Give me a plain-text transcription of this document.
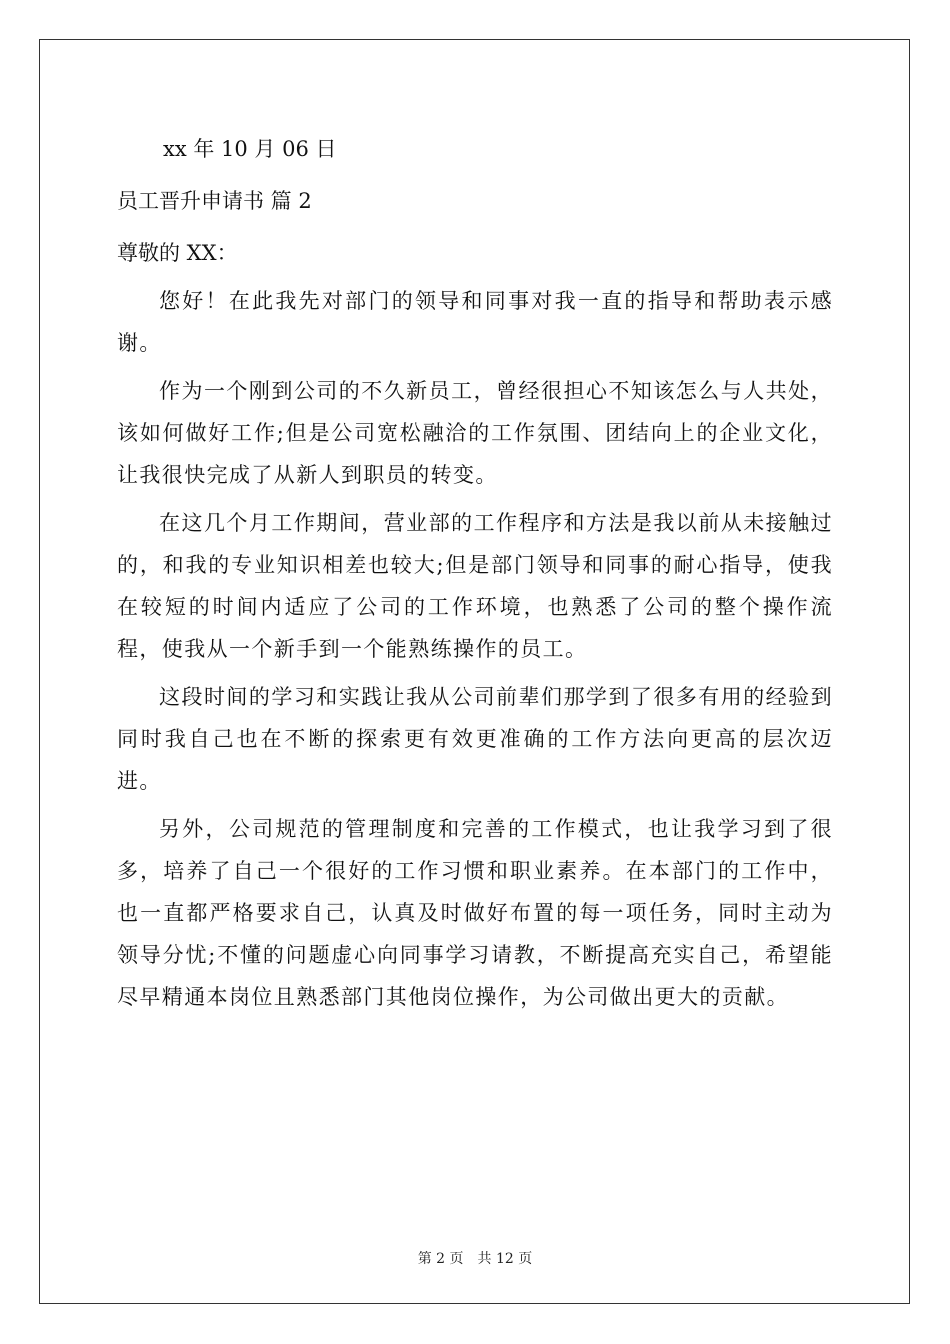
xx 年 10 月 06 日
员工晋升申请书 篇 2
尊敬的 XX：

您好！在此我先对部门的领导和同事对我一直的指导和帮助表示感谢。

作为一个刚到公司的不久新员工，曾经很担心不知该怎么与人共处，该如何做好工作;但是公司宽松融洽的工作氛围、团结向上的企业文化，让我很快完成了从新人到职员的转变。

在这几个月工作期间，营业部的工作程序和方法是我以前从未接触过的，和我的专业知识相差也较大;但是部门领导和同事的耐心指导，使我在较短的时间内适应了公司的工作环境，也熟悉了公司的整个操作流程，使我从一个新手到一个能熟练操作的员工。

这段时间的学习和实践让我从公司前辈们那学到了很多有用的经验到同时我自己也在不断的探索更有效更准确的工作方法向更高的层次迈进。

另外，公司规范的管理制度和完善的工作模式，也让我学习到了很多，培养了自己一个很好的工作习惯和职业素养。在本部门的工作中，也一直都严格要求自己，认真及时做好布置的每一项任务，同时主动为领导分忧;不懂的问题虚心向同事学习请教，不断提高充实自己，希望能尽早精通本岗位且熟悉部门其他岗位操作，为公司做出更大的贡献。

第 2 页 共 12 页
